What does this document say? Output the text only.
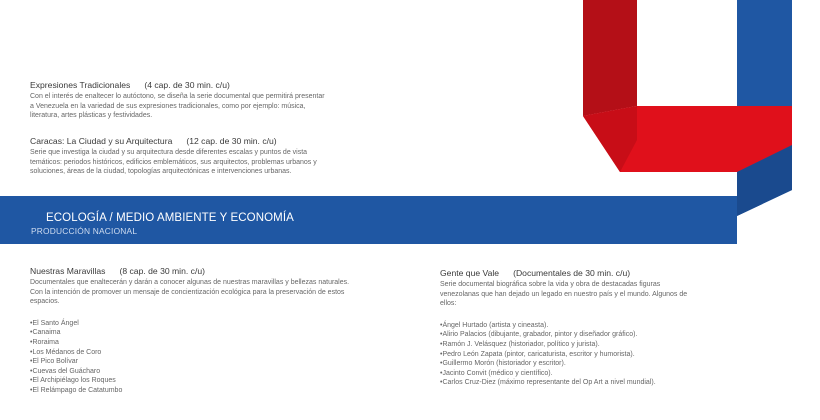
Expresiones Tradicionales (4 cap. de 30 min. c/u)

Con el interés de enaltecer lo autóctono, se diseña la serie documental que permitirá presentar a Venezuela en la variedad de sus expresiones tradicionales, como por ejemplo: música, literatura, artes plásticas y festividades.

Caracas: La Ciudad y su Arquitectura (12 cap. de 30 min. c/u)

Serie que investiga la ciudad y su arquitectura desde diferentes escalas y puntos de vista temáticos: periodos históricos, edificios emblemáticos, sus arquitectos, problemas urbanos y soluciones, áreas de la ciudad, topologías arquitectónicas e intervenciones urbanas.

ECOLOGÍA / MEDIO AMBIENTE Y ECONOMÍA
PRODUCCIÓN NACIONAL
Nuestras Maravillas (8 cap. de 30 min. c/u)

Documentales que enaltecerán y darán a conocer algunas de nuestras maravillas y bellezas naturales. Con la intención de promover un mensaje de concientización ecológica para la preservación de estos espacios.

• El Santo Ángel
• Canaima
• Roraima
• Los Médanos de Coro
• El Pico Bolívar
• Cuevas del Guácharo
• El Archipiélago los Roques
• El Relámpago de Catatumbo
Gente que Vale (Documentales de 30 min. c/u)

Serie documental biográfica sobre la vida y obra de destacadas figuras venezolanas que han dejado un legado en nuestro país y el mundo. Algunos de ellos:

• Ángel Hurtado (artista y cineasta).
• Alirio Palacios (dibujante, grabador, pintor y diseñador gráfico).
• Ramón J. Velásquez (historiador, político y jurista).
• Pedro León Zapata (pintor, caricaturista, escritor y humorista).
• Guillermo Morón (historiador y escritor).
• Jacinto Convit (médico y científico).
• Carlos Cruz-Diez (máximo representante del Op Art a nivel mundial).
